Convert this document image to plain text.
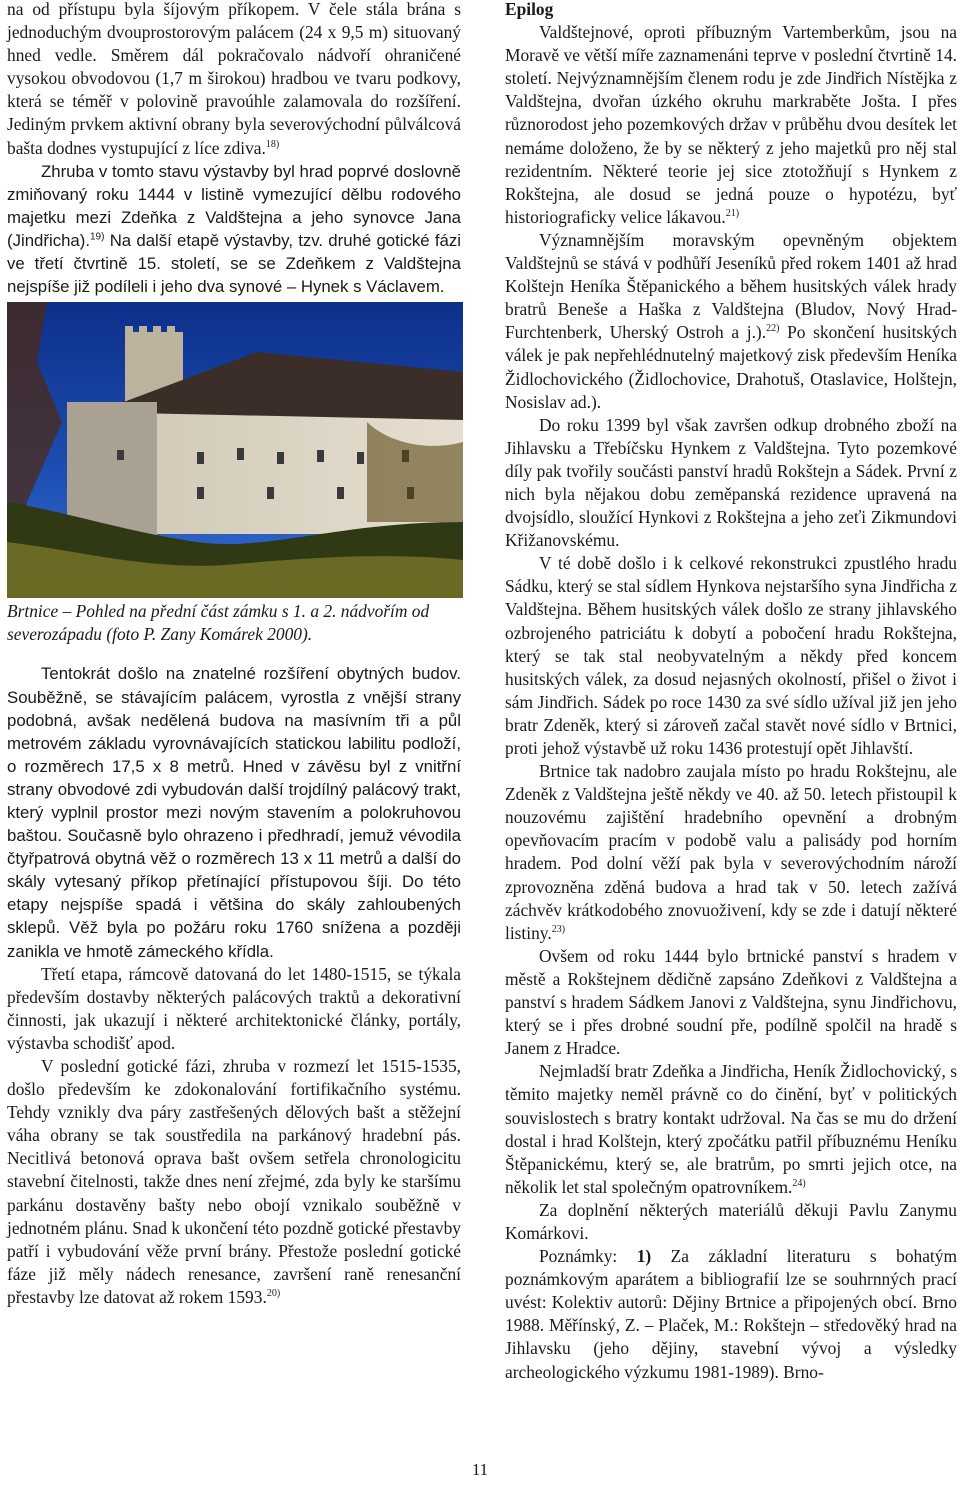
na od přístupu byla šíjovým příkopem. V čele stála brána s jednoduchým dvouprostorovým palácem (24 x 9,5 m) situovaný hned vedle. Směrem dál pokračovalo nádvoří ohraničené vysokou obvodovou (1,7 m širokou) hradbou ve tvaru podkovy, která se téměř v polovině pravoúhle zalamovala do rozšíření. Jediným prvkem aktivní obrany byla severovýchodní půlválcová bašta dodnes vystupující z líce zdiva.$^{18)}$

Zhruba v tomto stavu výstavby byl hrad poprvé doslovně zmiňovaný roku 1444 v listině vymezující dělbu rodového majetku mezi Zdeňka z Valdštejna a jeho synovce Jana (Jindřicha).$^{19)}$ Na další etapě výstavby, tzv. druhé gotické fázi ve třetí čtvrtině 15. století, se se Zdeňkem z Valdštejna nejspíše již podíleli i jeho dva synové – Hynek s Václavem.

Brtnice – Pohled na přední část zámku s 1. a 2. nádvořím od severozápadu (foto P. Zany Komárek 2000).

Tentokrát došlo na znatelné rozšíření obytných budov. Souběžně, se stávajícím palácem, vyrostla z vnější strany podobná, avšak nedělená budova na masívním tři a půl metrovém základu vyrovnávajících statickou labilitu podloží, o rozměrech 17,5 x 8 metrů. Hned v závěsu byl z vnitřní strany obvodové zdi vybudován další trojdílný palácový trakt, který vyplnil prostor mezi novým stavením a polokruhovou baštou. Současně bylo ohrazeno i předhradí, jemuž vévodila čtyřpatrová obytná věž o rozměrech 13 x 11 metrů a další do skály vytesaný příkop přetínající přístupovou šíji. Do této etapy nejspíše spadá i většina do skály zahloubených sklepů. Věž byla po požáru roku 1760 snížena a později zanikla ve hmotě zámeckého křídla.

Třetí etapa, rámcově datovaná do let 1480-1515, se týkala především dostavby některých palácových traktů a dekorativní činnosti, jak ukazují i některé architektonické články, portály, výstavba schodišť apod.

V poslední gotické fázi, zhruba v rozmezí let 1515-1535, došlo především ke zdokonalování fortifikačního systému. Tehdy vznikly dva páry zastřešených dělových bašt a stěžejní váha obrany se tak soustředila na parkánový hradební pás. Necitlivá betonová oprava bašt ovšem setřela chronologicitu stavební čitelnosti, takže dnes není zřejmé, zda byly ke staršímu parkánu dostavěny bašty nebo obojí vznikalo souběžně v jednotném plánu. Snad k ukončení této pozdně gotické přestavby patří i vybudování věže první brány. Přestože poslední gotické fáze již měly nádech renesance, završení raně renesanční přestavby lze datovat až rokem 1593.$^{20)}$

Epilog

Valdštejnové, oproti příbuzným Vartemberkům, jsou na Moravě ve větší míře zaznamenáni teprve v poslední čtvrtině 14. století. Nejvýznamnějším členem rodu je zde Jindřich Nístějka z Valdštejna, dvořan úzkého okruhu markraběte Jošta. I přes různorodost jeho pozemkových držav v průběhu dvou desítek let nemáme doloženo, že by se některý z jeho majetků pro něj stal rezidentním. Některé teorie jej sice ztotožňují s Hynkem z Rokštejna, ale dosud se jedná pouze o hypotézu, byť historiograficky velice lákavou.$^{21)}$

Významnějším moravským opevněným objektem Valdštejnů se stává v podhůří Jeseníků před rokem 1401 až hrad Kolštejn Heníka Štěpanického a během husitských válek hrady bratrů Beneše a Haška z Valdštejna (Bludov, Nový Hrad-Furchtenberk, Uherský Ostroh a j.).$^{22)}$ Po skončení husitských válek je pak nepřehlédnutelný majetkový zisk především Heníka Židlochovického (Židlochovice, Drahotuš, Otaslavice, Holštejn, Nosislav ad.).

Do roku 1399 byl však završen odkup drobného zboží na Jihlavsku a Třebíčsku Hynkem z Valdštejna. Tyto pozemkové díly pak tvořily součásti panství hradů Rokštejn a Sádek. První z nich byla nějakou dobu zeměpanská rezidence upravená na dvojsídlo, sloužící Hynkovi z Rokštejna a jeho zeťi Zikmundovi Křižanovskému.

V té době došlo i k celkové rekonstrukci zpustlého hradu Sádku, který se stal sídlem Hynkova nejstaršího syna Jindřicha z Valdštejna. Během husitských válek došlo ze strany jihlavského ozbrojeného patriciátu k dobytí a pobočení hradu Rokštejna, který se tak stal neobyvatelným a někdy před koncem husitských válek, za dosud nejasných okolností, přišel o život i sám Jindřich. Sádek po roce 1430 za své sídlo užíval již jen jeho bratr Zdeněk, který si zároveň začal stavět nové sídlo v Brtnici, proti jehož výstavbě už roku 1436 protestují opět Jihlavští.

Brtnice tak nadobro zaujala místo po hradu Rokštejnu, ale Zdeněk z Valdštejna ještě někdy ve 40. až 50. letech přistoupil k nouzovému zajištění hradebního opevnění a drobným opevňovacím pracím v podobě valu a palisády pod horním hradem. Pod dolní věží pak byla v severovýchodním nároží zprovozněna zděná budova a hrad tak v 50. letech zažívá záchvěv krátkodobého znovuoživení, kdy se zde i datují některé listiny.$^{23)}$

Ovšem od roku 1444 bylo brtnické panství s hradem v městě a Rokštejnem dědičně zapsáno Zdeňkovi z Valdštejna a panství s hradem Sádkem Janovi z Valdštejna, synu Jindřichovu, který se i přes drobné soudní pře, podílně spolčil na hradě s Janem z Hradce.

Nejmladší bratr Zdeňka a Jindřicha, Heník Židlochovický, s těmito majetky neměl právně co do činění, byť v politických souvislostech s bratry kontakt udržoval. Na čas se mu do držení dostal i hrad Kolštejn, který zpočátku patřil příbuznému Heníku Štěpanickému, který se, ale bratrům, po smrti jejich otce, na několik let stal společným opatrovníkem.$^{24)}$

Za doplnění některých materiálů děkuji Pavlu Zanymu Komárkovi.

Poznámky: 1) Za základní literaturu s bohatým poznámkovým aparátem a bibliografií lze se souhrnných prací uvést: Kolektiv autorů: Dějiny Brtnice a připojených obcí. Brno 1988. Měřínský, Z. – Plaček, M.: Rokštejn – středověký hrad na Jihlavsku (jeho dějiny, stavební vývoj a výsledky archeologického výzkumu 1981-1989). Brno-

11
